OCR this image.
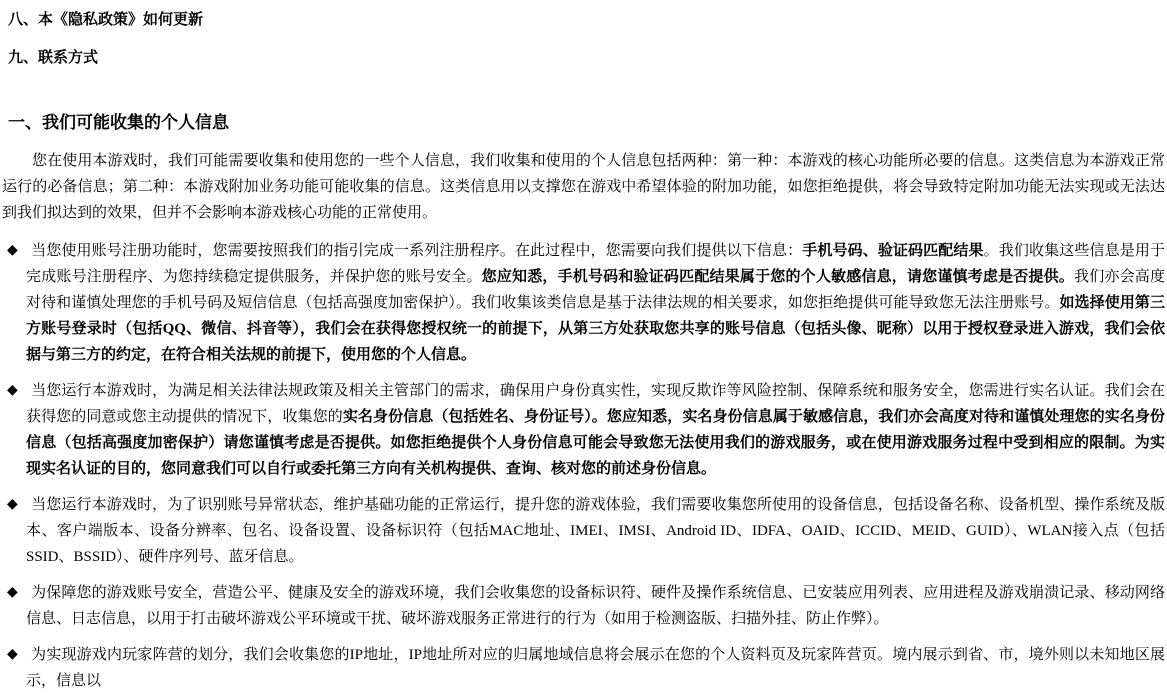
八、本《隐私政策》如何更新
九、联系方式
一、我们可能收集的个人信息

您在使用本游戏时，我们可能需要收集和使用您的一些个人信息，我们收集和使用的个人信息包括两种：第一种：本游戏的核心功能所必要的信息。这类信息为本游戏正常运行的必备信息；第二种：本游戏附加业务功能可能收集的信息。这类信息用以支撑您在游戏中希望体验的附加功能，如您拒绝提供，将会导致特定附加功能无法实现或无法达到我们拟达到的效果，但并不会影响本游戏核心功能的正常使用。

◆ 当您使用账号注册功能时，您需要按照我们的指引完成一系列注册程序。在此过程中，您需要向我们提供以下信息：手机号码、验证码匹配结果。我们收集这些信息是用于完成账号注册程序、为您持续稳定提供服务，并保护您的账号安全。您应知悉，手机号码和验证码匹配结果属于您的个人敏感信息，请您谨慎考虑是否提供。我们亦会高度对待和谨慎处理您的手机号码及短信信息（包括高强度加密保护）。我们收集该类信息是基于法律法规的相关要求，如您拒绝提供可能导致您无法注册账号。如选择使用第三方账号登录时（包括QQ、微信、抖音等），我们会在获得您授权统一的前提下，从第三方处获取您共享的账号信息（包括头像、昵称）以用于授权登录进入游戏，我们会依据与第三方的约定，在符合相关法规的前提下，使用您的个人信息。
◆ 当您运行本游戏时，为满足相关法律法规政策及相关主管部门的需求，确保用户身份真实性，实现反欺诈等风险控制、保障系统和服务安全，您需进行实名认证。我们会在获得您的同意或您主动提供的情况下，收集您的实名身份信息（包括姓名、身份证号）。您应知悉，实名身份信息属于敏感信息，我们亦会高度对待和谨慎处理您的实名身份信息（包括高强度加密保护）请您谨慎考虑是否提供。如您拒绝提供个人身份信息可能会导致您无法使用我们的游戏服务，或在使用游戏服务过程中受到相应的限制。为实现实名认证的目的，您同意我们可以自行或委托第三方向有关机构提供、查询、核对您的前述身份信息。
◆ 当您运行本游戏时，为了识别账号异常状态，维护基础功能的正常运行，提升您的游戏体验，我们需要收集您所使用的设备信息，包括设备名称、设备机型、操作系统及版本、客户端版本、设备分辨率、包名、设备设置、设备标识符（包括MAC地址、IMEI、IMSI、Android ID、IDFA、OAID、ICCID、MEID、GUID）、WLAN接入点（包括SSID、BSSID）、硬件序列号、蓝牙信息。
◆ 为保障您的游戏账号安全，营造公平、健康及安全的游戏环境，我们会收集您的设备标识符、硬件及操作系统信息、已安装应用列表、应用进程及游戏崩溃记录、移动网络信息、日志信息，以用于打击破坏游戏公平环境或干扰、破坏游戏服务正常进行的行为（如用于检测盗版、扫描外挂、防止作弊）。
◆ 为实现游戏内玩家阵营的划分，我们会收集您的IP地址，IP地址所对应的归属地域信息将会展示在您的个人资料页及玩家阵营页。境内展示到省、市，境外则以未知地区展示，信息以
